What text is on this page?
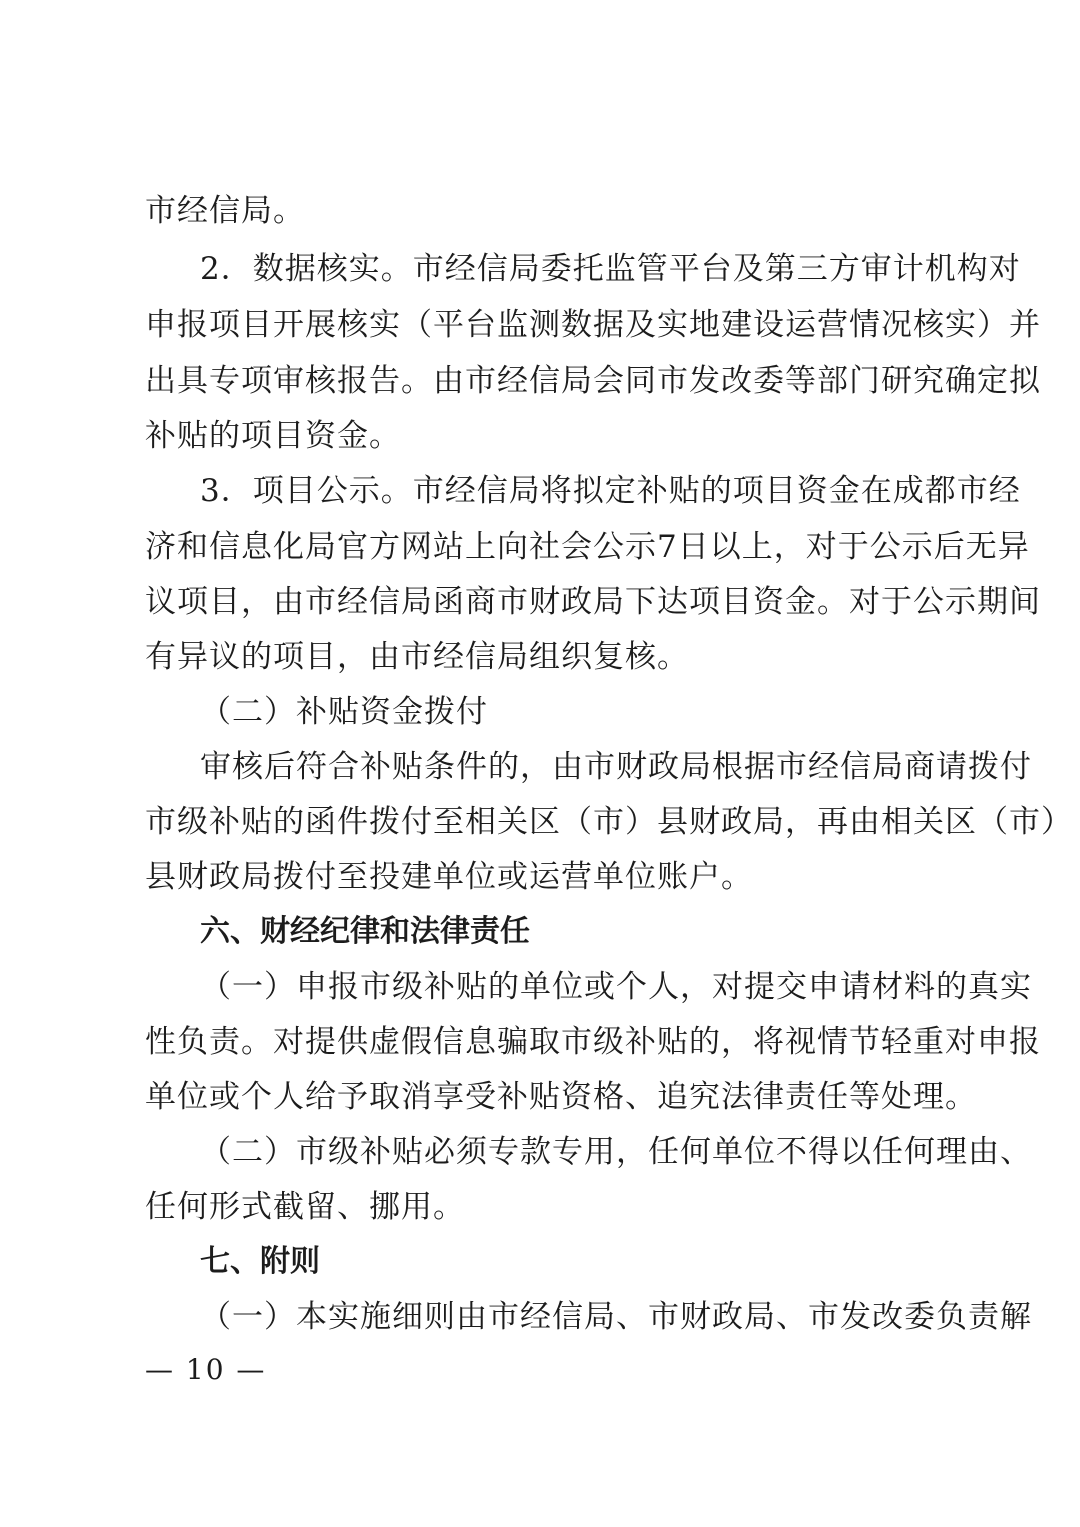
市经信局。
2．数据核实。市经信局委托监管平台及第三方审计机构对
申报项目开展核实（平台监测数据及实地建设运营情况核实）并
出具专项审核报告。由市经信局会同市发改委等部门研究确定拟
补贴的项目资金。
3．项目公示。市经信局将拟定补贴的项目资金在成都市经
济和信息化局官方网站上向社会公示7日以上，对于公示后无异
议项目，由市经信局函商市财政局下达项目资金。对于公示期间
有异议的项目，由市经信局组织复核。
（二）补贴资金拨付
审核后符合补贴条件的，由市财政局根据市经信局商请拨付
市级补贴的函件拨付至相关区（市）县财政局，再由相关区（市）
县财政局拨付至投建单位或运营单位账户。
六、财经纪律和法律责任
（一）申报市级补贴的单位或个人，对提交申请材料的真实
性负责。对提供虚假信息骗取市级补贴的，将视情节轻重对申报
单位或个人给予取消享受补贴资格、追究法律责任等处理。
（二）市级补贴必须专款专用，任何单位不得以任何理由、
任何形式截留、挪用。
七、附则
（一）本实施细则由市经信局、市财政局、市发改委负责解
— 10 —
